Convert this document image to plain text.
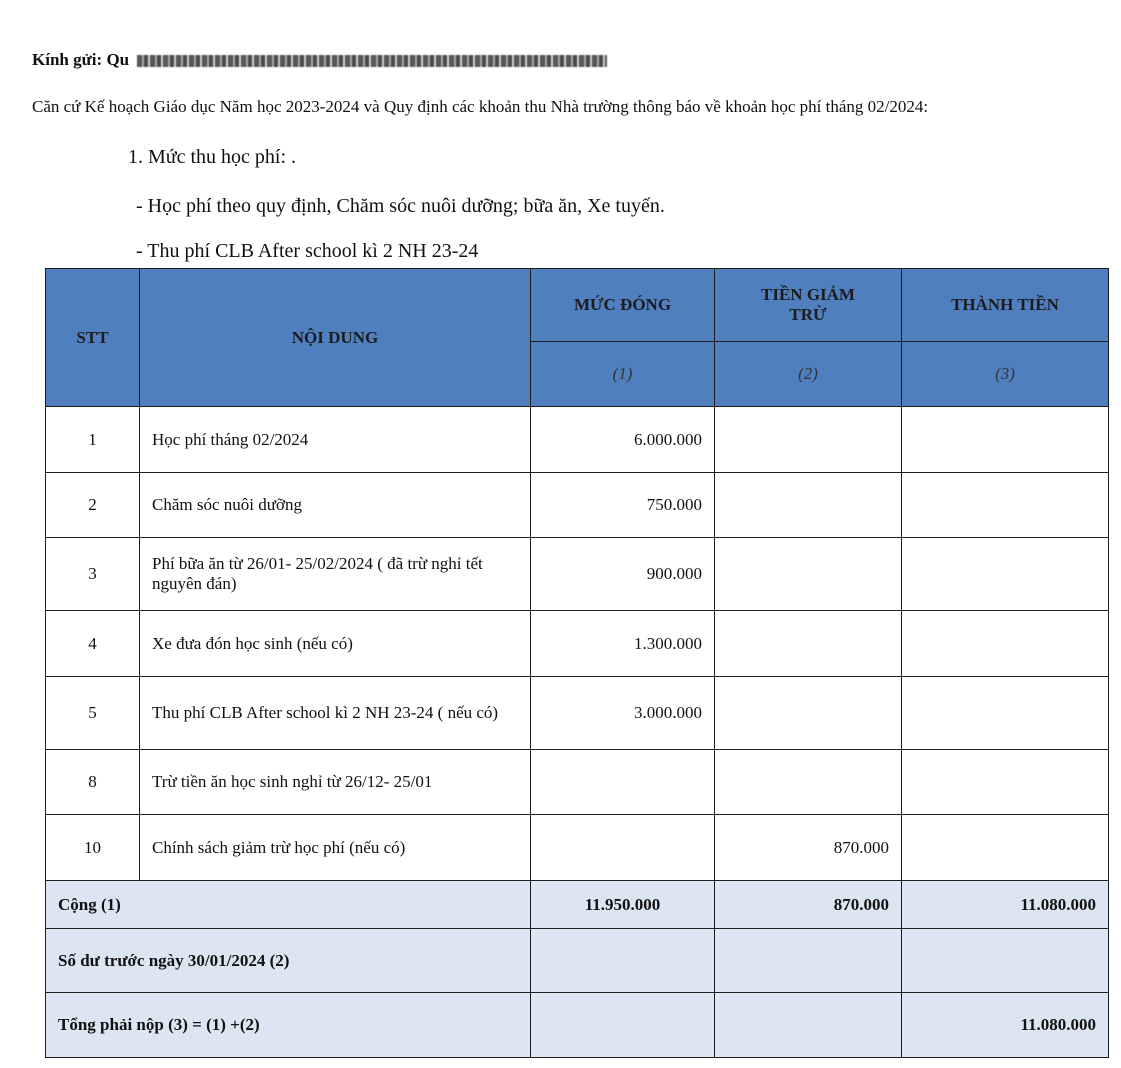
Kính gửi: Qu
Căn cứ Kế hoạch Giáo dục Năm học 2023-2024 và Quy định các khoản thu Nhà trường thông báo về khoản học phí tháng 02/2024:
1. Mức thu học phí: .
- Học phí theo quy định, Chăm sóc nuôi dưỡng; bữa ăn, Xe tuyến.
- Thu phí CLB After school kì 2 NH 23-24
STT	NỘI DUNG	MỨC ĐÓNG	TIỀN GIẢM TRỪ	THÀNH TIỀN
		(1)	(2)	(3)
1	Học phí tháng 02/2024	6.000.000		
2	Chăm sóc nuôi dưỡng	750.000		
3	Phí bữa ăn từ 26/01- 25/02/2024 ( đã trừ nghỉ tết nguyên đán)	900.000		
4	Xe đưa đón học sinh (nếu có)	1.300.000		
5	Thu phí CLB After school kì 2 NH 23-24 ( nếu có)	3.000.000		
8	Trừ tiền ăn học sinh nghỉ từ 26/12- 25/01			
10	Chính sách giảm trừ học phí (nếu có)		870.000	
Cộng (1)		11.950.000	870.000	11.080.000
Số dư trước ngày 30/01/2024 (2)				
Tổng phải nộp (3) = (1) +(2)				11.080.000
